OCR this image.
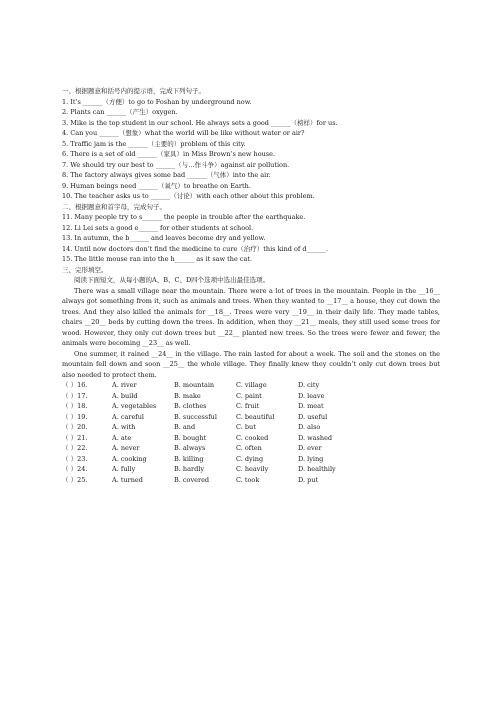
一、根据题意和括号内的提示语，完成下列句子。
1. It’s ______（方便）to go to Foshan by underground now.
2. Plants can ______（产生）oxygen.
3. Mike is the top student in our school. He always sets a good ______（榜样）for us.
4. Can you ______（想象）what the world will be like without water or air?
5. Traffic jam is the ______（主要的）problem of this city.
6. There is a set of old ______（家具）in Miss Brown’s new house.
7. We should try our best to ______（与…作斗争）against air pollution.
8. The factory always gives some bad ______（气体）into the air.
9. Human beings need ______（氧气）to breathe on Earth.
10. The teacher asks us to ______（讨论）with each other about this problem.
二、根据题意和首字母，完成句子。
11. Many people try to s______ the people in trouble after the earthquake.
12. Li Lei sets a good e______ for other students at school.
13. In autumn, the b______ and leaves become dry and yellow.
14. Until now doctors don’t find the medicine to cure（治疗）this kind of d______.
15. The little mouse ran into the h______ as it saw the cat.
三、完形填空。
阅读下面短文，从每小题的A、B、C、D四个选项中选出最佳选项。
There was a small village near the mountain. There were a lot of trees in the mountain. People in the __16__ always got something from it, such as animals and trees. When they wanted to __17__ a house, they cut down the trees. And they also killed the animals for __18__. Trees were very __19__ in their daily life. They made tables, chairs __20__ beds by cutting down the trees. In addition, when they __21__ meals, they still used some trees for wood. However, they only cut down trees but __22__ planted new trees. So the trees were fewer and fewer, the animals were becoming __23__ as well.
One summer, it rained __24__ in the village. The rain lasted for about a week. The soil and the stones on the mountain fell down and soon __25__ the whole village. They finally knew they couldn’t only cut down trees but also needed to protect them.
（ ）16.	A. river	B. mountain	C. village	D. city
（ ）17.	A. build	B. make	C. paint	D. leave
（ ）18.	A. vegetables	B. clothes	C. fruit	D. meat
（ ）19.	A. careful	B. successful	C. beautiful	D. useful
（ ）20.	A. with	B. and	C. but	D. also
（ ）21.	A. ate	B. bought	C. cooked	D. washed
（ ）22.	A. never	B. always	C. often	D. ever
（ ）23.	A. cooking	B. killing	C. dying	D. lying
（ ）24.	A. fully	B. hardly	C. heavily	D. healthily
（ ）25.	A. turned	B. covered	C. took	D. put
